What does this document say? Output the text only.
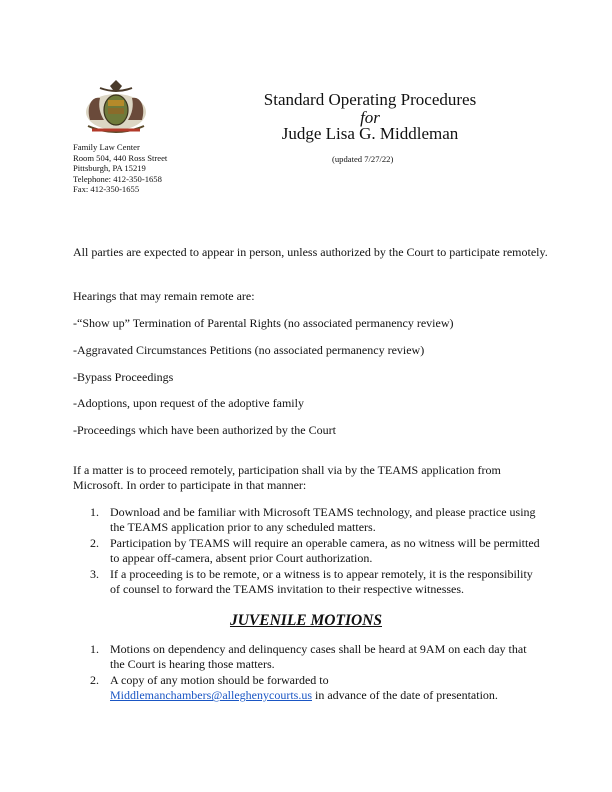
Standard Operating Procedures
for
Judge Lisa G. Middleman
(updated 7/27/22)
Family Law Center
Room 504, 440 Ross Street
Pittsburgh, PA 15219
Telephone: 412-350-1658
Fax: 412-350-1655
All parties are expected to appear in person, unless authorized by the Court to participate remotely.
Hearings that may remain remote are:
-“Show up” Termination of Parental Rights (no associated permanency review)
-Aggravated Circumstances Petitions (no associated permanency review)
-Bypass Proceedings
-Adoptions, upon request of the adoptive family
-Proceedings which have been authorized by the Court
If a matter is to proceed remotely, participation shall via by the TEAMS application from Microsoft. In order to participate in that manner:
1. Download and be familiar with Microsoft TEAMS technology, and please practice using the TEAMS application prior to any scheduled matters.
2. Participation by TEAMS will require an operable camera, as no witness will be permitted to appear off-camera, absent prior Court authorization.
3. If a proceeding is to be remote, or a witness is to appear remotely, it is the responsibility of counsel to forward the TEAMS invitation to their respective witnesses.
JUVENILE MOTIONS
1. Motions on dependency and delinquency cases shall be heard at 9AM on each day that the Court is hearing those matters.
2. A copy of any motion should be forwarded to
Middlemanchambers@alleghenycourts.us in advance of the date of presentation.
